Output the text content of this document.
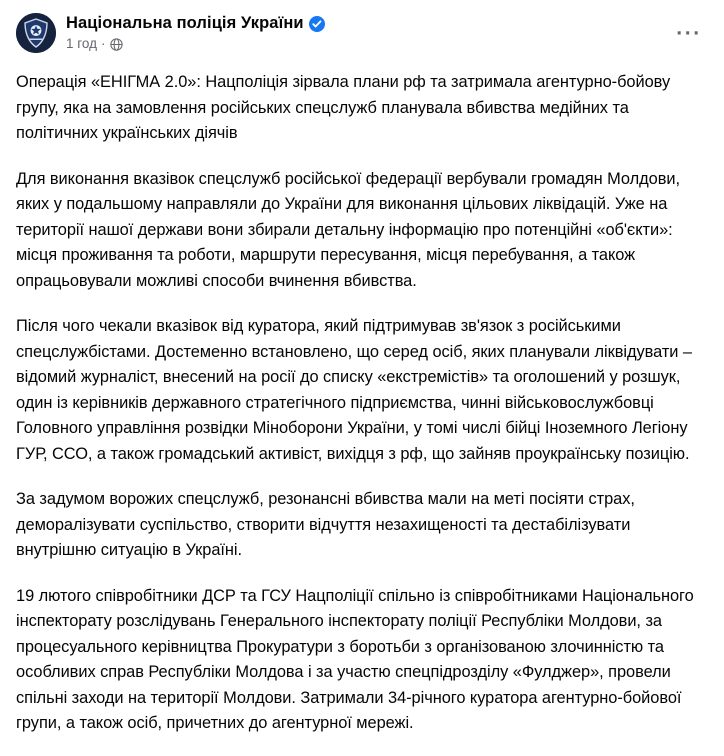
Національна поліція України
1 год ·	···

Операція «ЕНІГМА 2.0»: Нацполіція зірвала плани рф та затримала агентурно-бойову групу, яка на замовлення російських спецслужб планувала вбивства медійних та політичних українських діячів

Для виконання вказівок спецслужб російської федерації вербували громадян Молдови, яких у подальшому направляли до України для виконання цільових ліквідацій. Уже на території нашої держави вони збирали детальну інформацію про потенційні «об'єкти»: місця проживання та роботи, маршрути пересування, місця перебування, а також опрацьовували можливі способи вчинення вбивства.

Після чого чекали вказівок від куратора, який підтримував зв'язок з російськими спецслужбістами. Достеменно встановлено, що серед осіб, яких планували ліквідувати – відомий журналіст, внесений на росії до списку «екстремістів» та оголошений у розшук, один із керівників державного стратегічного підприємства, чинні військовослужбовці Головного управління розвідки Міноборони України, у томі числі бійці Іноземного Легіону ГУР, ССО, а також громадський активіст, вихідця з рф, що зайняв проукраїнську позицію.

За задумом ворожих спецслужб, резонансні вбивства мали на меті посіяти страх, деморалізувати суспільство, створити відчуття незахищеності та дестабілізувати внутрішню ситуацію в Україні.

19 лютого співробітники ДСР та ГСУ Нацполіції спільно із співробітниками Національного інспекторату розслідувань Генерального інспекторату поліції Республіки Молдови, за процесуального керівництва Прокуратури з боротьби з організованою злочинністю та особливих справ Республіки Молдова і за участю спецпідрозділу «Фулджер», провели спільні заходи на території Молдови. Затримали 34-річного куратора агентурно-бойової групи, а також осіб, причетних до агентурної мережі.
